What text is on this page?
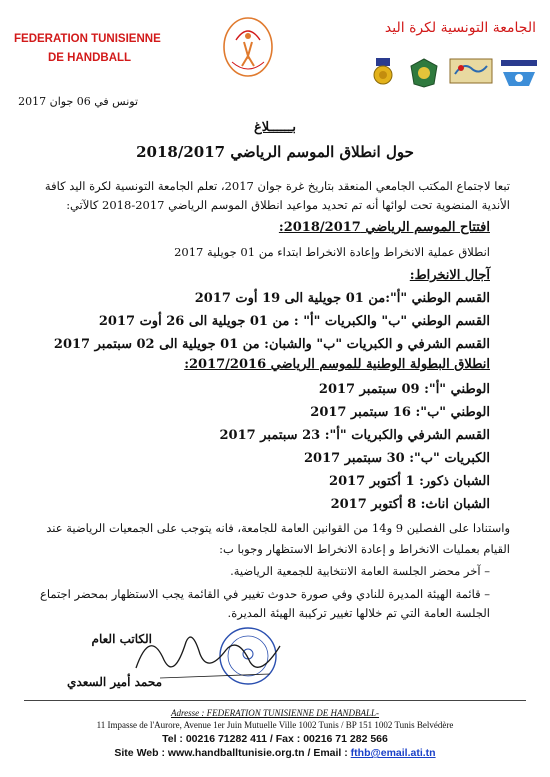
FEDERATION TUNISIENNE
DE HANDBALL
الجامعة التونسية لكرة اليد
تونس في 06 جوان 2017
بــــــلاغ
حول انطلاق الموسم الرياضي 2018/2017
تبعا لاجتماع المكتب الجامعي المنعقد بتاريخ غرة جوان 2017، تعلم الجامعة التونسية لكرة اليد كافة
الأندية المنضوية تحت لوائها أنه تم تحديد مواعيد انطلاق الموسم الرياضي 2017-2018 كالآتي:
افتتاح الموسم الرياضي 2018/2017:
انطلاق عملية الانخراط وإعادة الانخراط ابتداء من 01 جويلية 2017
آجال الانخراط:
القسم الوطني "أ":من 01 جويلية الى 19 أوت 2017
القسم الوطني "ب" والكبريات "أ" : من 01 جويلية الى 26 أوت 2017
القسم الشرفي و الكبريات "ب" والشبان: من 01 جويلية الى 02 سبتمبر 2017
انطلاق البطولة الوطنية للموسم الرياضي 2017/2016:
الوطني "أ": 09 سبتمبر 2017
الوطني "ب": 16 سبتمبر 2017
القسم الشرفي والكبريات "أ": 23 سبتمبر 2017
الكبريات "ب": 30 سبتمبر 2017
الشبان ذكور: 1 أكتوبر 2017
الشبان اناث: 8 أكتوبر 2017
واستنادا على الفصلين 9 و14 من القوانين العامة للجامعة، فانه يتوجب على الجمعيات الرياضية عند
القيام بعمليات الانخراط و إعادة الانخراط الاستظهار وجوبا ب:
– آخر محضر الجلسة العامة الانتخابية للجمعية الرياضية.
– قائمة الهيئة المديرة للنادي وفي صورة حدوث تغيير في القائمة يجب الاستظهار بمحضر اجتماع
الجلسة العامة التي تم خلالها تغيير تركيبة الهيئة المديرة.
الكاتب العام
محمد أمير السعدي
Adresse : FEDERATION TUNISIENNE DE HANDBALL-
11 Impasse de l'Aurore, Avenue 1er Juin Mutuelle Ville 1002 Tunis / BP 151 1002 Tunis Belvédère
Tel : 00216 71282 411 / Fax : 00216 71 282 566
Site Web : www.handballtunisie.org.tn / Email : fthb@email.ati.tn
